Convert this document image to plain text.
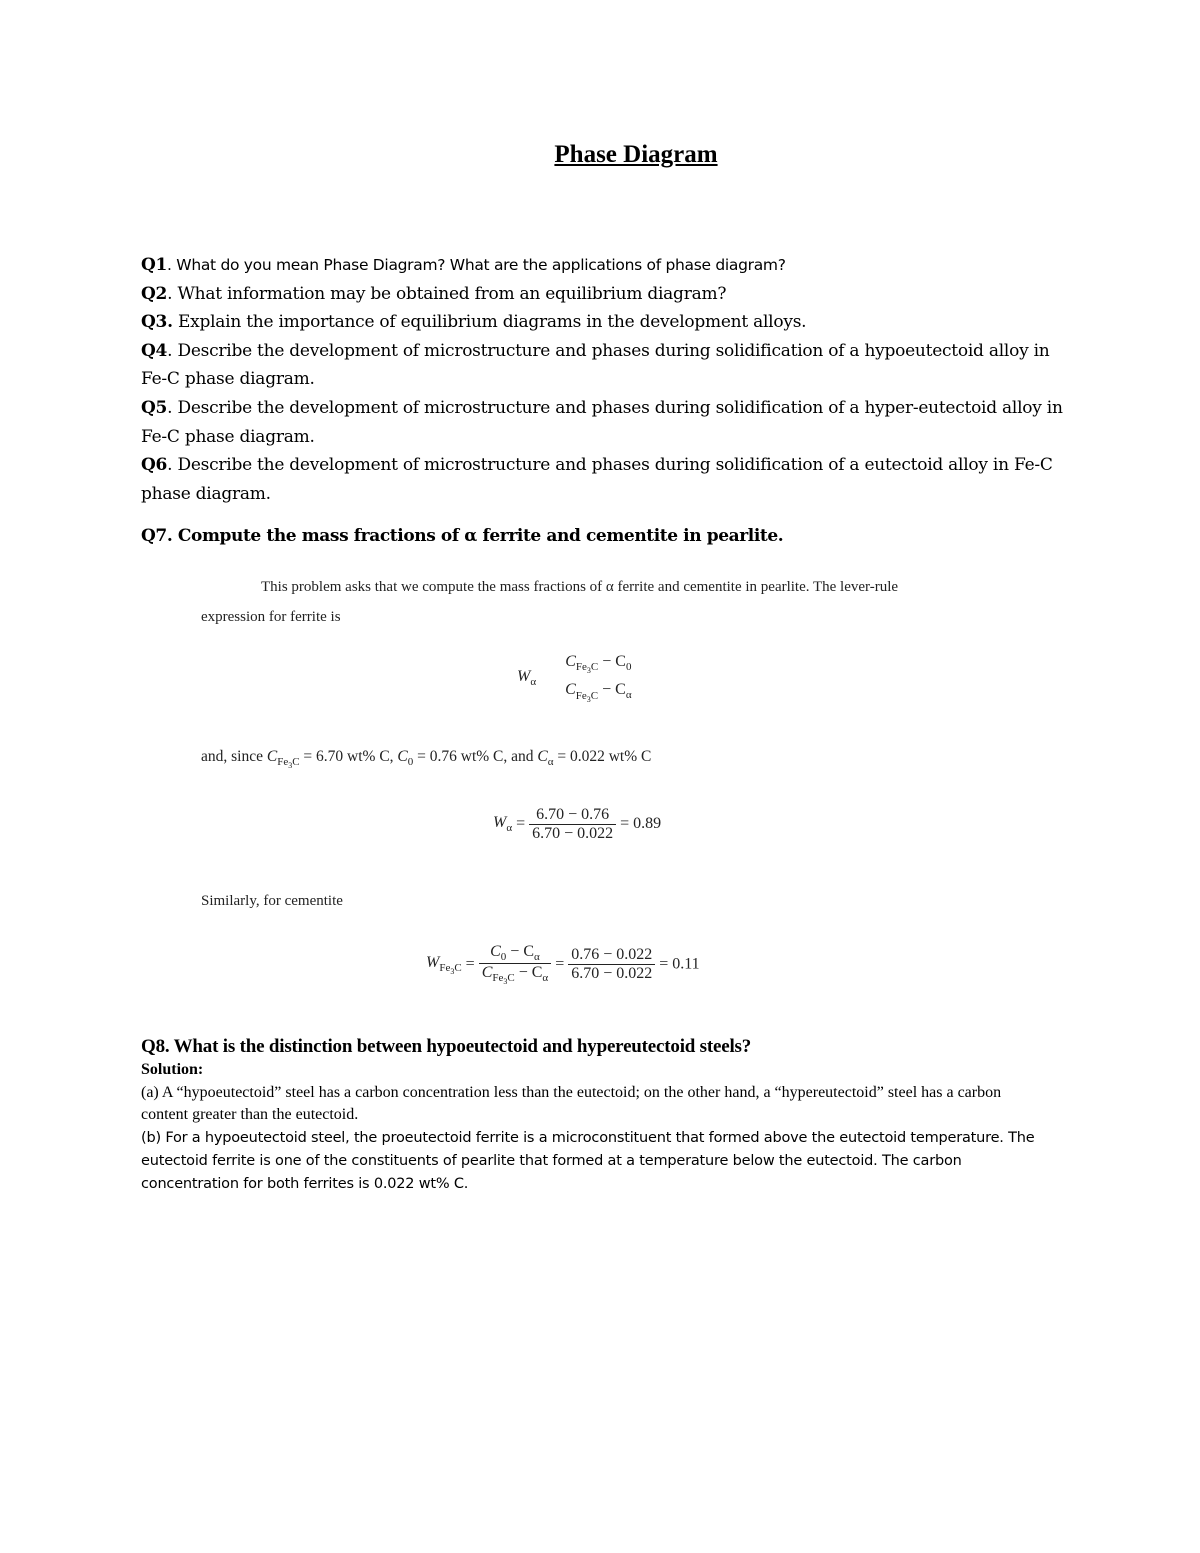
Phase Diagram

Q1. What do you mean Phase Diagram? What are the applications of phase diagram?

Q2. What information may be obtained from an equilibrium diagram?

Q3. Explain the importance of equilibrium diagrams in the development alloys.

Q4. Describe the development of microstructure and phases during solidification of a hypoeutectoid alloy in Fe-C phase diagram.

Q5. Describe the development of microstructure and phases during solidification of a hyper-eutectoid alloy in Fe-C phase diagram.

Q6. Describe the development of microstructure and phases during solidification of a eutectoid alloy in Fe-C phase diagram.

Q7. Compute the mass fractions of α ferrite and cementite in pearlite.
This problem asks that we compute the mass fractions of α ferrite and cementite in pearlite. The lever-rule
expression for ferrite is
$W_\alpha$
$C_{Fe_3C} - C_0$
$C_{Fe_3C} - C_\alpha$
and, since $C_{Fe_3C} = 6.70$ wt% C, $C_0 = 0.76$ wt% C, and $C_\alpha = 0.022$ wt% C
$W_\alpha = \frac{6.70 - 0.76}{6.70 - 0.022} = 0.89$
Similarly, for cementite
$W_{Fe_3C} = \frac{C_0 - C_\alpha}{C_{Fe_3C} - C_\alpha} = \frac{0.76 - 0.022}{6.70 - 0.022} = 0.11$

Q8. What is the distinction between hypoeutectoid and hypereutectoid steels?

Solution:

(a) A “hypoeutectoid” steel has a carbon concentration less than the eutectoid; on the other hand, a “hypereutectoid” steel has a carbon content greater than the eutectoid.

(b) For a hypoeutectoid steel, the proeutectoid ferrite is a microconstituent that formed above the eutectoid temperature. The eutectoid ferrite is one of the constituents of pearlite that formed at a temperature below the eutectoid. The carbon concentration for both ferrites is 0.022 wt% C.
